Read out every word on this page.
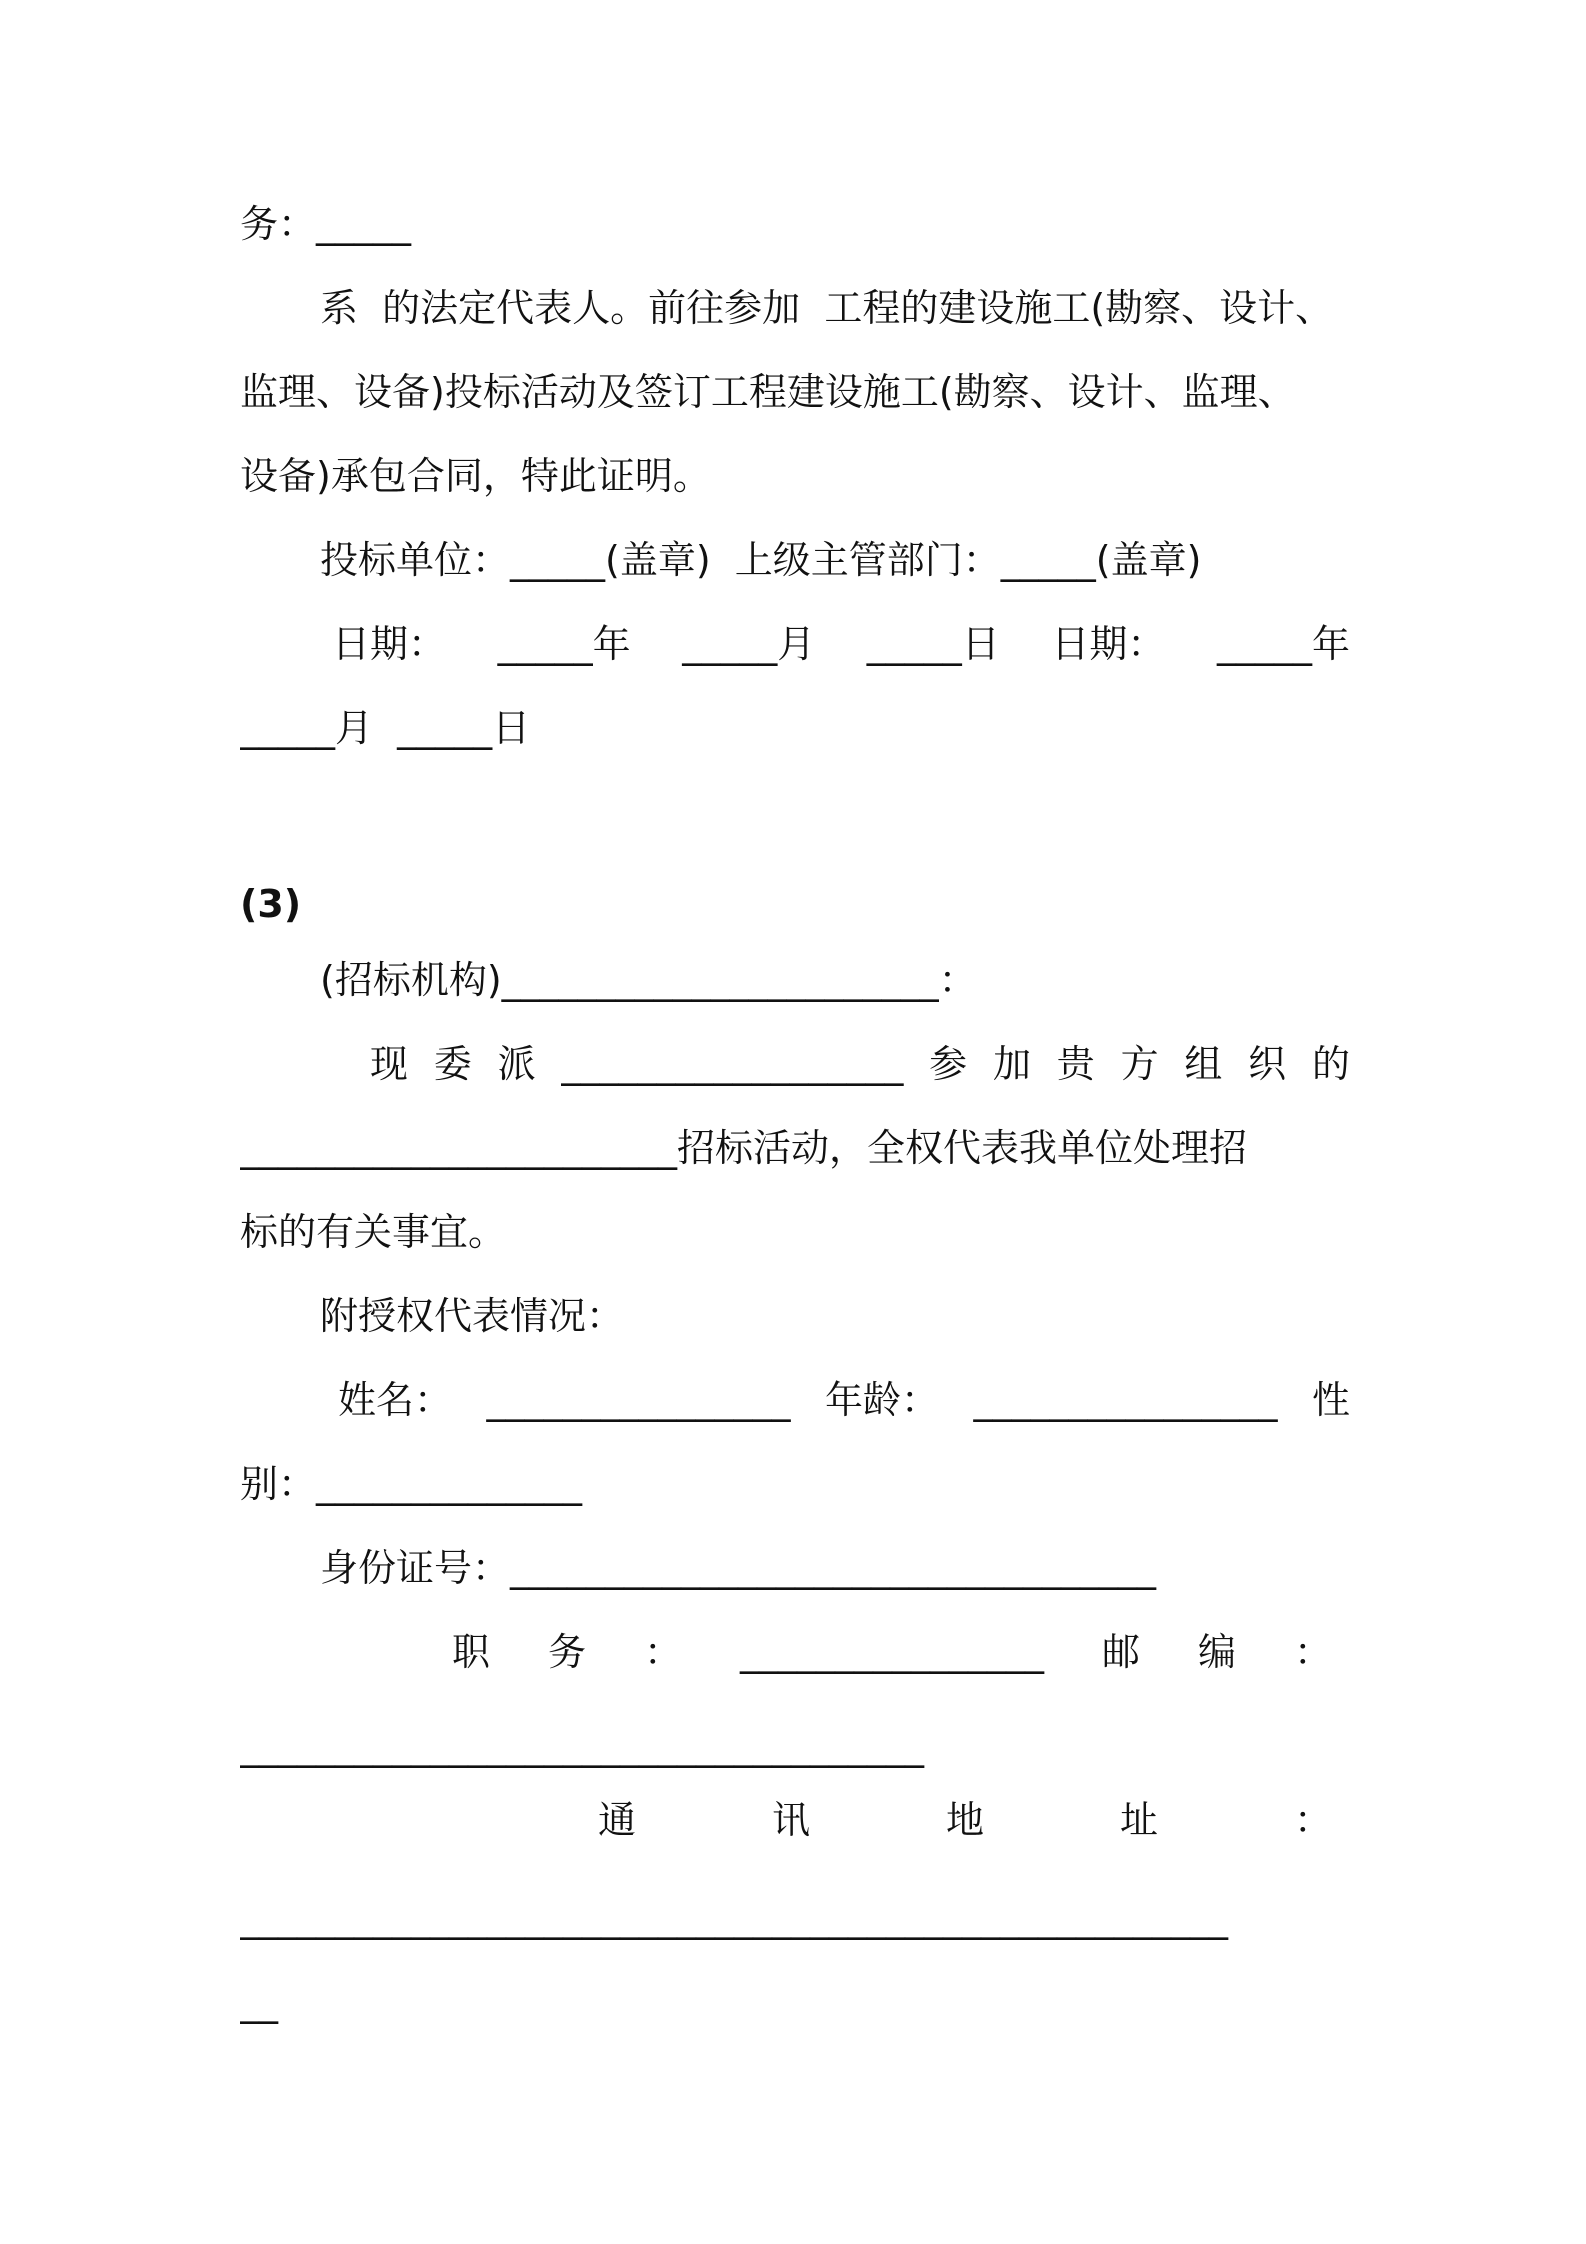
务：_____
系  的法定代表人。前往参加  工程的建设施工(勘察、设计、
监理、设备)投标活动及签订工程建设施工(勘察、设计、监理、
设备)承包合同，特此证明。
投标单位：_____(盖章)  上级主管部门：_____(盖章)
日期： _____年 _____月 _____日 日期： _____年
_____月  _____日
(3)
(招标机构)_______________________：
现 委 派 __________________ 参 加 贵 方 组 织 的
_______________________招标活动，全权代表我单位处理招
标的有关事宜。
附授权代表情况：
姓名： ________________ 年龄： ________________ 性
别：______________
身份证号：__________________________________
职 务 ： ________________ 邮 编 ：
____________________________________
通	讯	地	址	：
____________________________________________________
__
